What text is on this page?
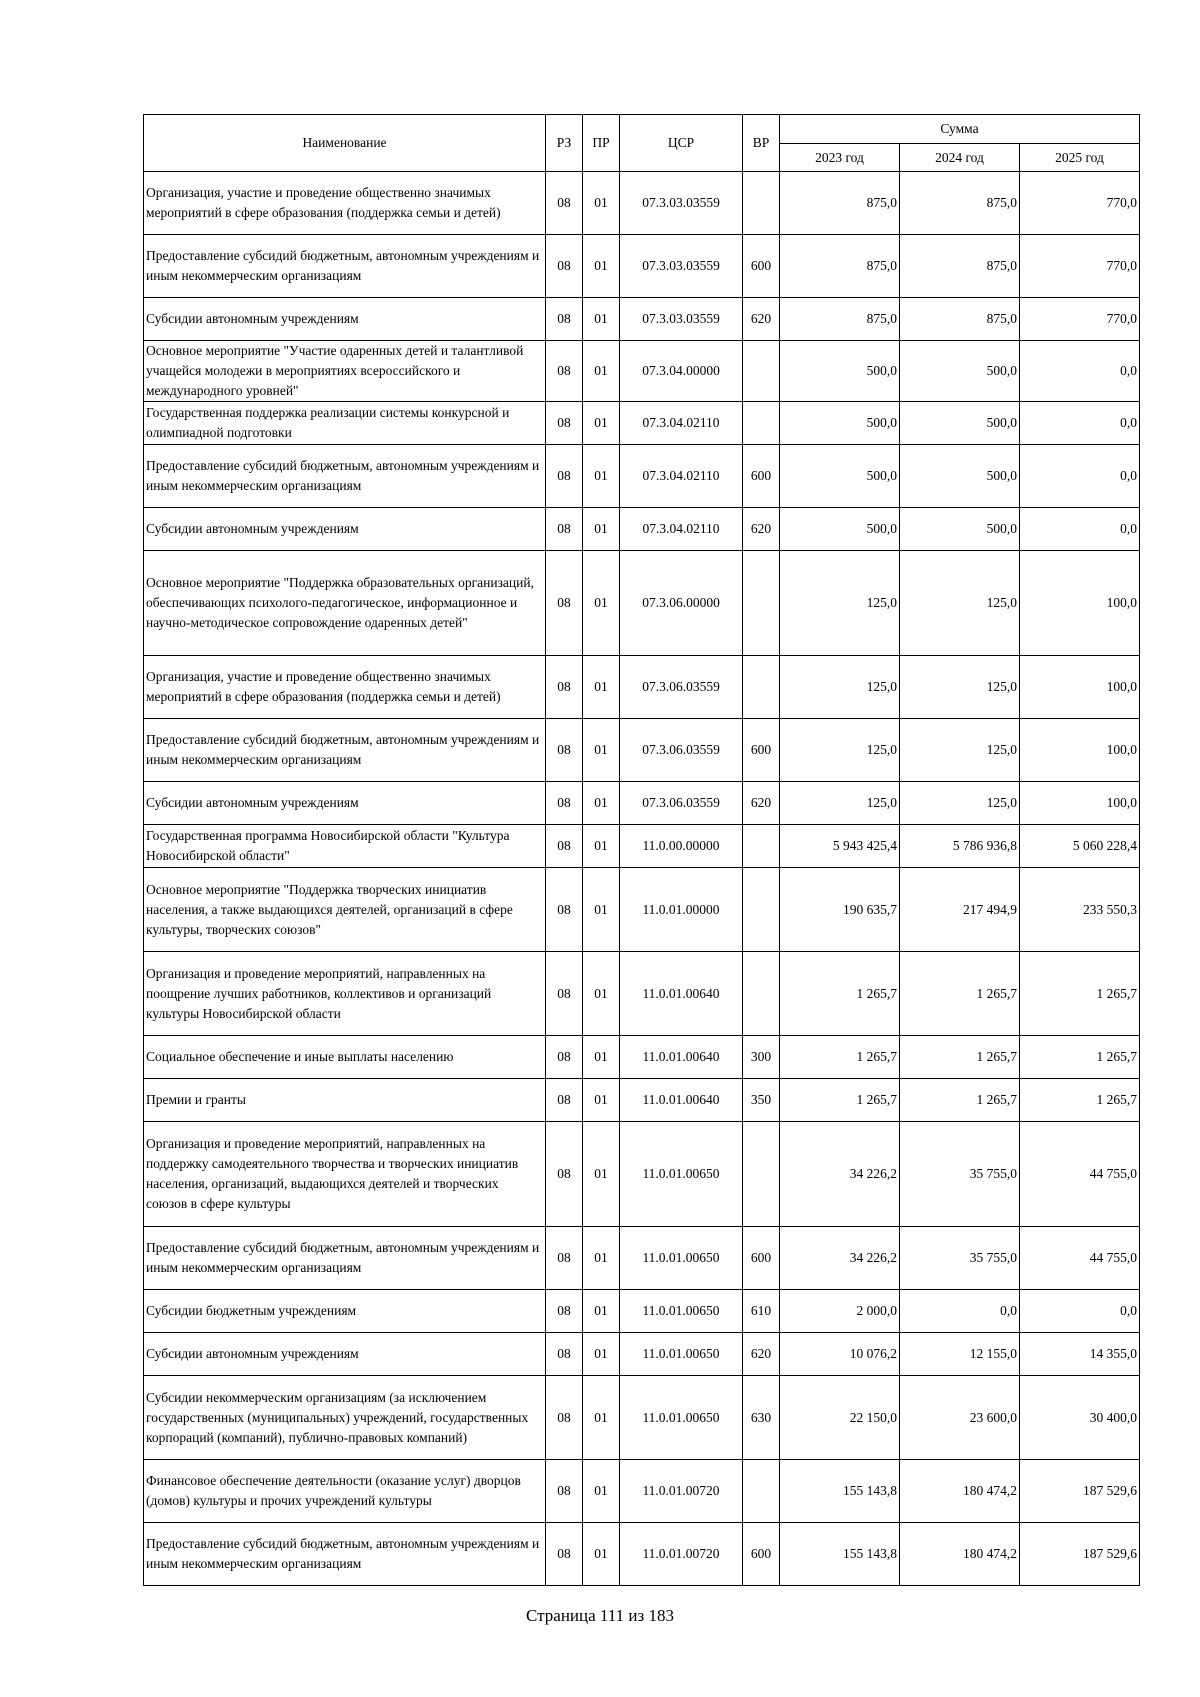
Наименование	РЗ	ПР	ЦСР	ВР	Сумма		
					2023 год	2024 год	2025 год
Организация, участие и проведение общественно значимых мероприятий в сфере образования (поддержка семьи и детей)	08	01	07.3.03.03559		875,0	875,0	770,0
Предоставление субсидий бюджетным, автономным учреждениям и иным некоммерческим организациям	08	01	07.3.03.03559	600	875,0	875,0	770,0
Субсидии автономным учреждениям	08	01	07.3.03.03559	620	875,0	875,0	770,0
Основное мероприятие "Участие одаренных детей и талантливой учащейся молодежи в мероприятиях всероссийского и международного уровней"	08	01	07.3.04.00000		500,0	500,0	0,0
Государственная поддержка реализации системы конкурсной и олимпиадной подготовки	08	01	07.3.04.02110		500,0	500,0	0,0
Предоставление субсидий бюджетным, автономным учреждениям и иным некоммерческим организациям	08	01	07.3.04.02110	600	500,0	500,0	0,0
Субсидии автономным учреждениям	08	01	07.3.04.02110	620	500,0	500,0	0,0
Основное мероприятие "Поддержка образовательных организаций, обеспечивающих психолого-педагогическое, информационное и научно-методическое сопровождение одаренных детей"	08	01	07.3.06.00000		125,0	125,0	100,0
Организация, участие и проведение общественно значимых мероприятий в сфере образования (поддержка семьи и детей)	08	01	07.3.06.03559		125,0	125,0	100,0
Предоставление субсидий бюджетным, автономным учреждениям и иным некоммерческим организациям	08	01	07.3.06.03559	600	125,0	125,0	100,0
Субсидии автономным учреждениям	08	01	07.3.06.03559	620	125,0	125,0	100,0
Государственная программа Новосибирской области "Культура Новосибирской области"	08	01	11.0.00.00000		5 943 425,4	5 786 936,8	5 060 228,4
Основное мероприятие "Поддержка творческих инициатив населения, а также выдающихся деятелей, организаций в сфере культуры, творческих союзов"	08	01	11.0.01.00000		190 635,7	217 494,9	233 550,3
Организация и проведение мероприятий, направленных на поощрение лучших работников, коллективов и организаций культуры Новосибирской области	08	01	11.0.01.00640		1 265,7	1 265,7	1 265,7
Социальное обеспечение и иные выплаты населению	08	01	11.0.01.00640	300	1 265,7	1 265,7	1 265,7
Премии и гранты	08	01	11.0.01.00640	350	1 265,7	1 265,7	1 265,7
Организация и проведение мероприятий, направленных на поддержку самодеятельного творчества и творческих инициатив населения, организаций, выдающихся деятелей и творческих союзов в сфере культуры	08	01	11.0.01.00650		34 226,2	35 755,0	44 755,0
Предоставление субсидий бюджетным, автономным учреждениям и иным некоммерческим организациям	08	01	11.0.01.00650	600	34 226,2	35 755,0	44 755,0
Субсидии бюджетным учреждениям	08	01	11.0.01.00650	610	2 000,0	0,0	0,0
Субсидии автономным учреждениям	08	01	11.0.01.00650	620	10 076,2	12 155,0	14 355,0
Субсидии некоммерческим организациям (за исключением государственных (муниципальных) учреждений, государственных корпораций (компаний), публично-правовых компаний)	08	01	11.0.01.00650	630	22 150,0	23 600,0	30 400,0
Финансовое обеспечение деятельности (оказание услуг) дворцов (домов) культуры и прочих учреждений культуры	08	01	11.0.01.00720		155 143,8	180 474,2	187 529,6
Предоставление субсидий бюджетным, автономным учреждениям и иным некоммерческим организациям	08	01	11.0.01.00720	600	155 143,8	180 474,2	187 529,6
Страница 111 из 183
